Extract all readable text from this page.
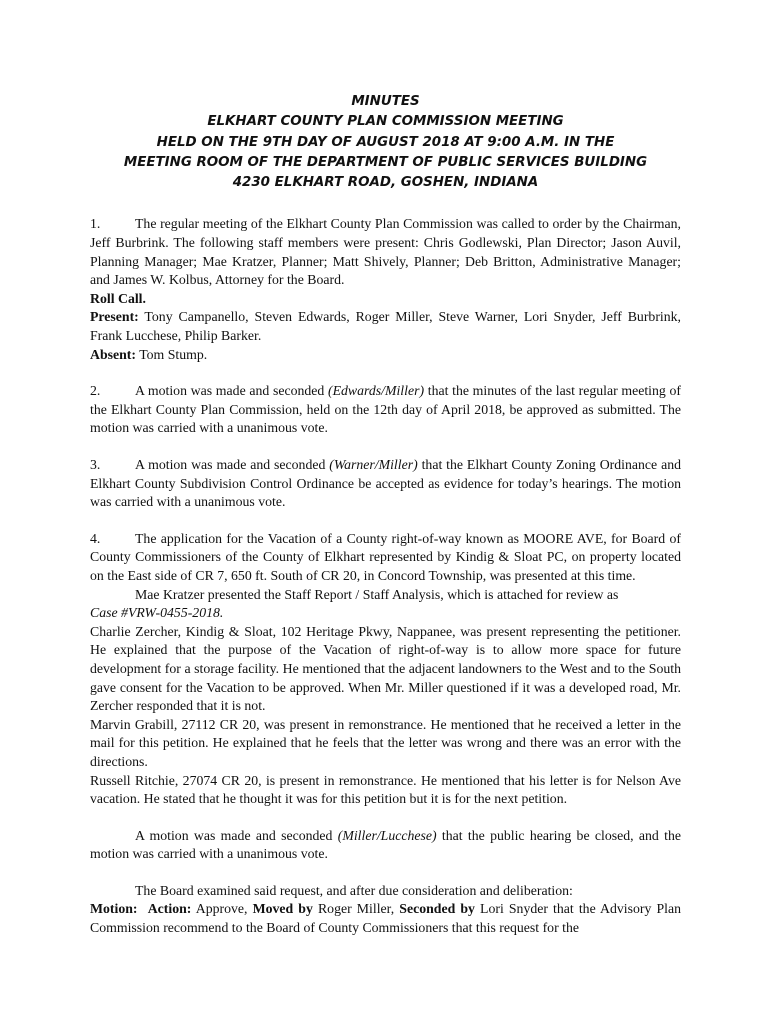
MINUTES
ELKHART COUNTY PLAN COMMISSION MEETING
HELD ON THE 9TH DAY OF AUGUST 2018 AT 9:00 A.M. IN THE
MEETING ROOM OF THE DEPARTMENT OF PUBLIC SERVICES BUILDING
4230 ELKHART ROAD, GOSHEN, INDIANA

1.	The regular meeting of the Elkhart County Plan Commission was called to order by the Chairman, Jeff Burbrink. The following staff members were present: Chris Godlewski, Plan Director; Jason Auvil, Planning Manager; Mae Kratzer, Planner; Matt Shively, Planner; Deb Britton, Administrative Manager; and James W. Kolbus, Attorney for the Board.

Roll Call.

Present: Tony Campanello, Steven Edwards, Roger Miller, Steve Warner, Lori Snyder, Jeff Burbrink, Frank Lucchese, Philip Barker.

Absent: Tom Stump.

2.	A motion was made and seconded (Edwards/Miller) that the minutes of the last regular meeting of the Elkhart County Plan Commission, held on the 12th day of April 2018, be approved as submitted. The motion was carried with a unanimous vote.

3.	A motion was made and seconded (Warner/Miller) that the Elkhart County Zoning Ordinance and Elkhart County Subdivision Control Ordinance be accepted as evidence for today’s hearings. The motion was carried with a unanimous vote.

4.	The application for the Vacation of a County right-of-way known as MOORE AVE, for Board of County Commissioners of the County of Elkhart represented by Kindig & Sloat PC, on property located on the East side of CR 7, 650 ft. South of CR 20, in Concord Township, was presented at this time.

Mae Kratzer presented the Staff Report / Staff Analysis, which is attached for review as

Case #VRW-0455-2018.

Charlie Zercher, Kindig & Sloat, 102 Heritage Pkwy, Nappanee, was present representing the petitioner. He explained that the purpose of the Vacation of right-of-way is to allow more space for future development for a storage facility. He mentioned that the adjacent landowners to the West and to the South gave consent for the Vacation to be approved. When Mr. Miller questioned if it was a developed road, Mr. Zercher responded that it is not.

Marvin Grabill, 27112 CR 20, was present in remonstrance. He mentioned that he received a letter in the mail for this petition. He explained that he feels that the letter was wrong and there was an error with the directions.

Russell Ritchie, 27074 CR 20, is present in remonstrance. He mentioned that his letter is for Nelson Ave vacation. He stated that he thought it was for this petition but it is for the next petition.

A motion was made and seconded (Miller/Lucchese) that the public hearing be closed, and the motion was carried with a unanimous vote.

The Board examined said request, and after due consideration and deliberation:

Motion: Action: Approve, Moved by Roger Miller, Seconded by Lori Snyder that the Advisory Plan Commission recommend to the Board of County Commissioners that this request for the
